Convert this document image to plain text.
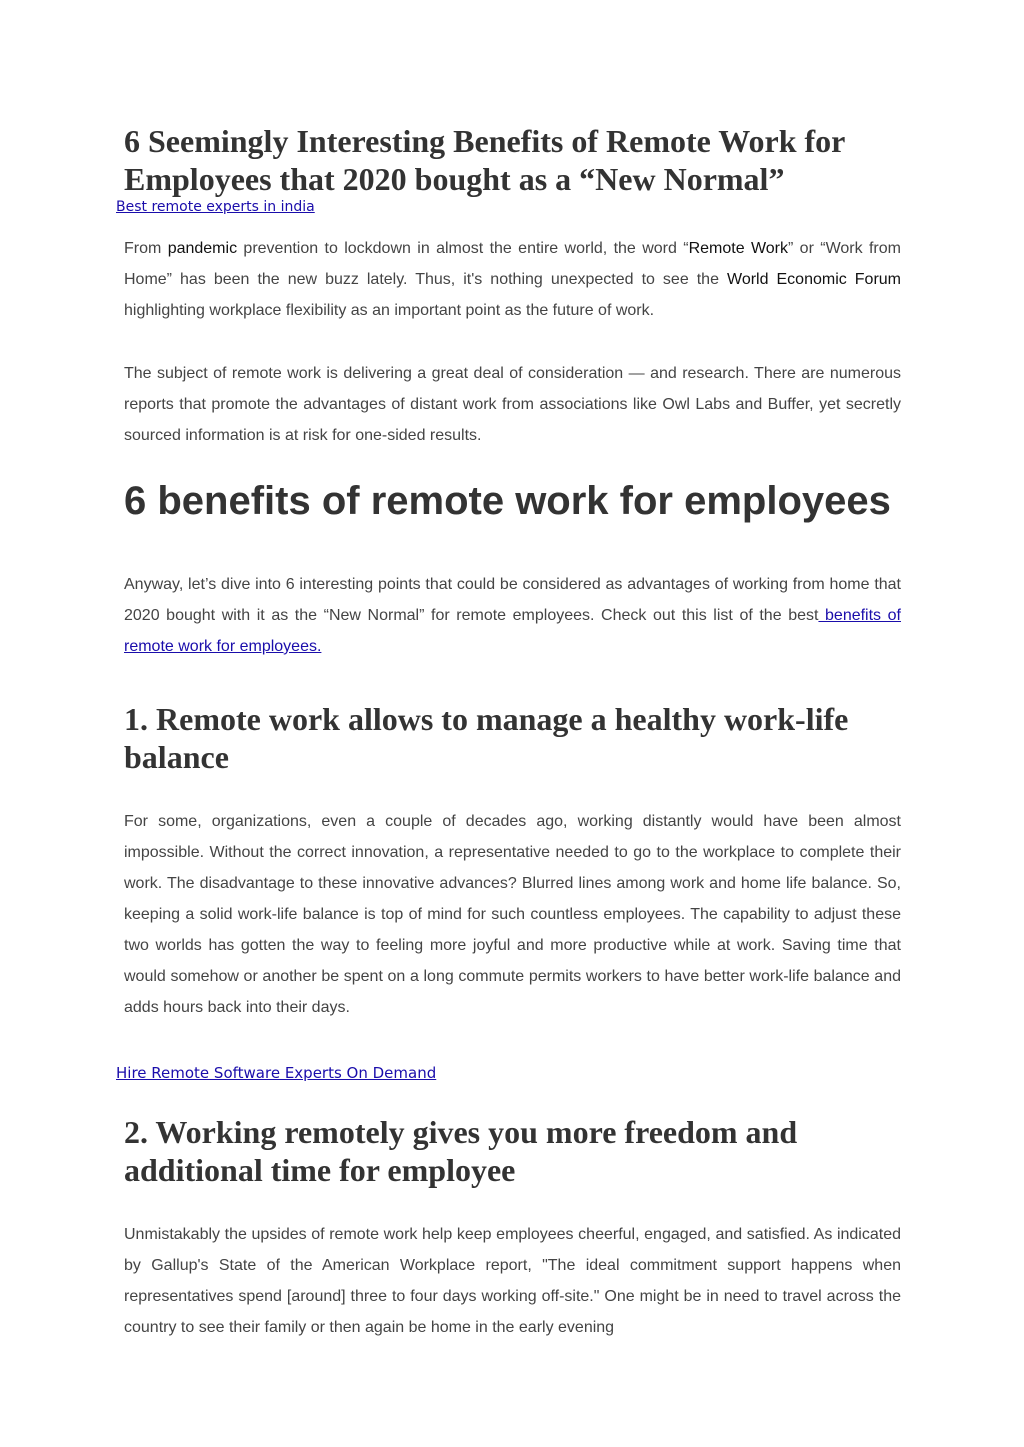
6 Seemingly Interesting Benefits of Remote Work for Employees that 2020 bought as a “New Normal”
Best remote experts in india

From pandemic prevention to lockdown in almost the entire world, the word “Remote Work” or “Work from Home” has been the new buzz lately. Thus, it's nothing unexpected to see the World Economic Forum highlighting workplace flexibility as an important point as the future of work.

The subject of remote work is delivering a great deal of consideration — and research. There are numerous reports that promote the advantages of distant work from associations like Owl Labs and Buffer, yet secretly sourced information is at risk for one-sided results.

6 benefits of remote work for employees

Anyway, let’s dive into 6 interesting points that could be considered as advantages of working from home that 2020 bought with it as the “New Normal” for remote employees. Check out this list of the best benefits of remote work for employees.

1. Remote work allows to manage a healthy work-life balance

For some, organizations, even a couple of decades ago, working distantly would have been almost impossible. Without the correct innovation, a representative needed to go to the workplace to complete their work. The disadvantage to these innovative advances? Blurred lines among work and home life balance. So, keeping a solid work-life balance is top of mind for such countless employees. The capability to adjust these two worlds has gotten the way to feeling more joyful and more productive while at work. Saving time that would somehow or another be spent on a long commute permits workers to have better work-life balance and adds hours back into their days.

Hire Remote Software Experts On Demand
2. Working remotely gives you more freedom and additional time for employee

Unmistakably the upsides of remote work help keep employees cheerful, engaged, and satisfied. As indicated by Gallup's State of the American Workplace report, "The ideal commitment support happens when representatives spend [around] three to four days working off-site." One might be in need to travel across the country to see their family or then again be home in the early evening
